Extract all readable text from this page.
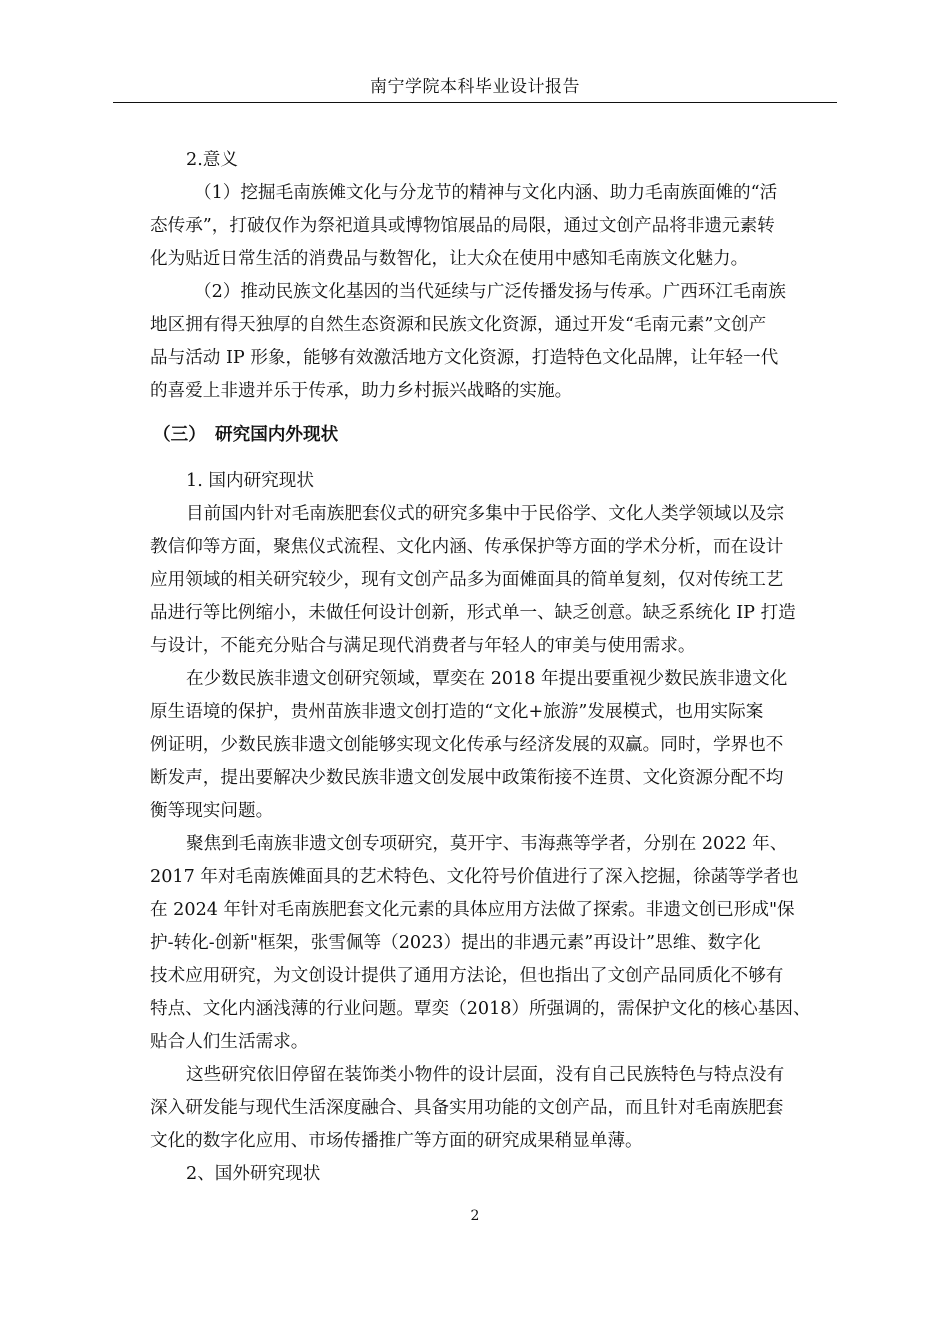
南宁学院本科毕业设计报告
2.意义
（1）挖掘毛南族傩文化与分龙节的精神与文化内涵、助力毛南族面傩的“活
态传承”，打破仅作为祭祀道具或博物馆展品的局限，通过文创产品将非遗元素转
化为贴近日常生活的消费品与数智化，让大众在使用中感知毛南族文化魅力。
（2）推动民族文化基因的当代延续与广泛传播发扬与传承。广西环江毛南族
地区拥有得天独厚的自然生态资源和民族文化资源，通过开发“毛南元素”文创产
品与活动 IP 形象，能够有效激活地方文化资源，打造特色文化品牌，让年轻一代
的喜爱上非遗并乐于传承，助力乡村振兴战略的实施。
（三） 研究国内外现状
1. 国内研究现状
目前国内针对毛南族肥套仪式的研究多集中于民俗学、文化人类学领域以及宗
教信仰等方面，聚焦仪式流程、文化内涵、传承保护等方面的学术分析，而在设计
应用领域的相关研究较少，现有文创产品多为面傩面具的简单复刻，仅对传统工艺
品进行等比例缩小，未做任何设计创新，形式单一、缺乏创意。缺乏系统化 IP 打造
与设计，不能充分贴合与满足现代消费者与年轻人的审美与使用需求。
在少数民族非遗文创研究领域，覃奕在 2018 年提出要重视少数民族非遗文化
原生语境的保护，贵州苗族非遗文创打造的“文化+旅游”发展模式，也用实际案
例证明，少数民族非遗文创能够实现文化传承与经济发展的双赢。同时，学界也不
断发声，提出要解决少数民族非遗文创发展中政策衔接不连贯、文化资源分配不均
衡等现实问题。
聚焦到毛南族非遗文创专项研究，莫开宇、韦海燕等学者，分别在 2022 年、
2017 年对毛南族傩面具的艺术特色、文化符号价值进行了深入挖掘，徐菡等学者也
在 2024 年针对毛南族肥套文化元素的具体应用方法做了探索。非遗文创已形成"保
护-转化-创新"框架，张雪佩等（2023）提出的非遇元素”再设计”思维、数字化
技术应用研究，为文创设计提供了通用方法论，但也指出了文创产品同质化不够有
特点、文化内涵浅薄的行业问题。覃奕（2018）所强调的，需保护文化的核心基因、
贴合人们生活需求。
这些研究依旧停留在装饰类小物件的设计层面，没有自己民族特色与特点没有
深入研发能与现代生活深度融合、具备实用功能的文创产品，而且针对毛南族肥套
文化的数字化应用、市场传播推广等方面的研究成果稍显单薄。
2、国外研究现状
2
